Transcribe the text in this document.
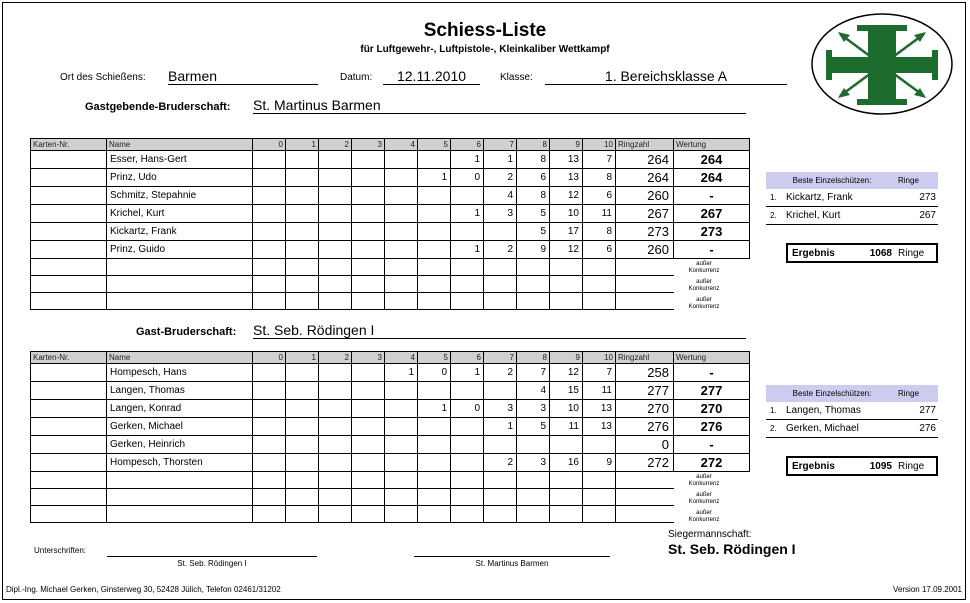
Schiess-Liste
für Luftgewehr-, Luftpistole-, Kleinkaliber Wettkampf
Ort des Schießens: Barmen	Datum:	12.11.2010	Klasse:	1. Bereichsklasse A
Gastgebende-Bruderschaft: St. Martinus Barmen
Karten-Nr.	Name	0	1	2	3	4	5	6	7	8	9	10	Ringzahl	Wertung
	Esser, Hans-Gert							1	1	8	13	7	264	264
	Prinz, Udo						1	0	2	6	13	8	264	264
	Schmitz, Stepahnie								4	8	12	6	260	-
	Krichel, Kurt							1	3	5	10	11	267	267
	Kickartz, Frank									5	17	8	273	273
	Prinz, Guido							1	2	9	12	6	260	-

außer
Konkurrenz
außer
Konkurrenz
außer
Konkurrenz
Beste Einzelschützen:	Ringe
1. Kickartz, Frank	273
2. Krichel, Kurt	267
Ergebnis	1068 Ringe
Gast-Bruderschaft: St. Seb. Rödingen I
Karten-Nr.	Name	0	1	2	3	4	5	6	7	8	9	10	Ringzahl	Wertung
	Hompesch, Hans					1	0	1	2	7	12	7	258	-
	Langen, Thomas									4	15	11	277	277
	Langen, Konrad						1	0	3	3	10	13	270	270
	Gerken, Michael								1	5	11	13	276	276
	Gerken, Heinrich												0	-
	Hompesch, Thorsten								2	3	16	9	272	272

außer
Konkurrenz
außer
Konkurrenz
außer
Konkurrenz
Beste Einzelschützen:	Ringe
1. Langen, Thomas	277
2. Gerken, Michael	276
Ergebnis	1095 Ringe
Siegermannschaft:
St. Seb. Rödingen I
Unterschriften:
St. Seb. Rödingen I	St. Martinus Barmen
Dipl.-Ing. Michael Gerken, Ginsterweg 30, 52428 Jülich, Telefon 02461/31202	Version 17.09.2001
